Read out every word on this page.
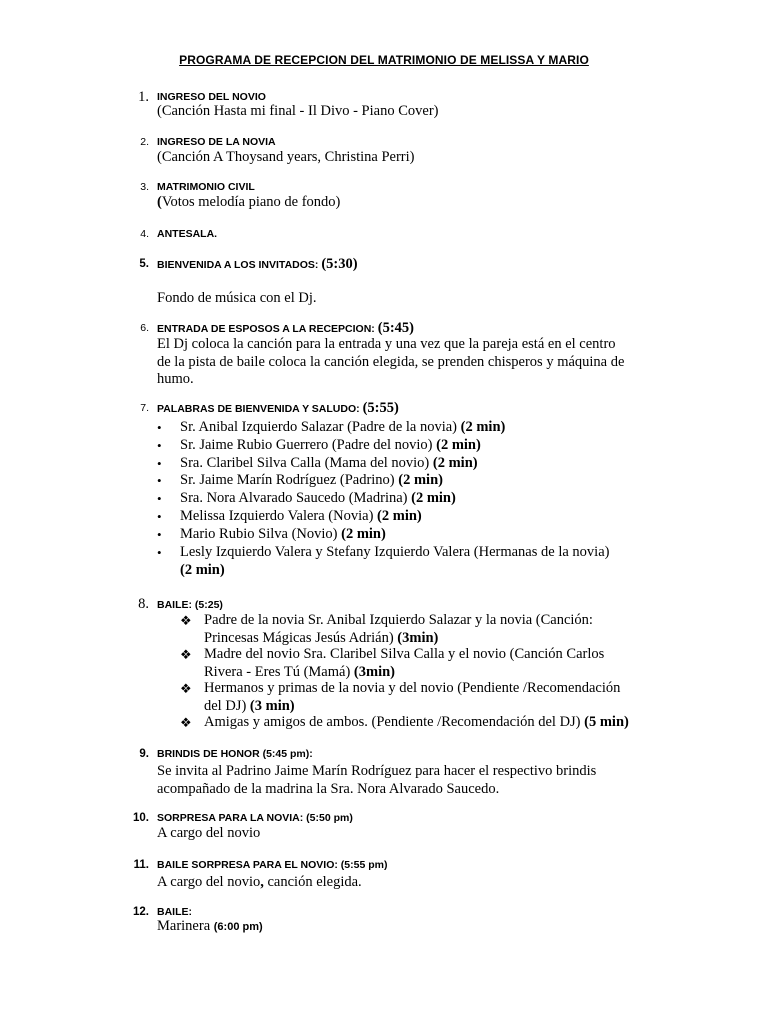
PROGRAMA DE RECEPCION DEL MATRIMONIO DE MELISSA Y MARIO
1. INGRESO DEL NOVIO
(Canción Hasta mi final - Il Divo - Piano Cover)
2. INGRESO DE LA NOVIA
(Canción A Thoysand years, Christina Perri)
3. MATRIMONIO CIVIL
(Votos melodía piano de fondo)
4. ANTESALA.
5. BIENVENIDA A LOS INVITADOS: (5:30)
Fondo de música con el Dj.
6. ENTRADA DE ESPOSOS A LA RECEPCION: (5:45)
El Dj coloca la canción para la entrada y una vez que la pareja está en el centro
de la pista de baile coloca la canción elegida, se prenden chisperos y máquina de
humo.
7. PALABRAS DE BIENVENIDA Y SALUDO: (5:55)
• Sr. Anibal Izquierdo Salazar (Padre de la novia) (2 min)
• Sr. Jaime Rubio Guerrero (Padre del novio) (2 min)
• Sra. Claribel Silva Calla (Mama del novio) (2 min)
• Sr. Jaime Marín Rodríguez (Padrino) (2 min)
• Sra. Nora Alvarado Saucedo (Madrina) (2 min)
• Melissa Izquierdo Valera (Novia) (2 min)
• Mario Rubio Silva (Novio) (2 min)
• Lesly Izquierdo Valera y Stefany Izquierdo Valera (Hermanas de la novia)
(2 min)
8. BAILE: (5:25)
❖ Padre de la novia Sr. Anibal Izquierdo Salazar y la novia (Canción:
Princesas Mágicas Jesús Adrián) (3min)
❖ Madre del novio Sra. Claribel Silva Calla y el novio (Canción Carlos
Rivera - Eres Tú (Mamá) (3min)
❖ Hermanos y primas de la novia y del novio (Pendiente /Recomendación
del DJ) (3 min)
❖ Amigas y amigos de ambos. (Pendiente /Recomendación del DJ) (5 min)
9. BRINDIS DE HONOR (5:45 pm):
Se invita al Padrino Jaime Marín Rodríguez para hacer el respectivo brindis
acompañado de la madrina la Sra. Nora Alvarado Saucedo.
10. SORPRESA PARA LA NOVIA: (5:50 pm)
A cargo del novio
11. BAILE SORPRESA PARA EL NOVIO: (5:55 pm)
A cargo del novio, canción elegida.
12. BAILE:
Marinera (6:00 pm)
